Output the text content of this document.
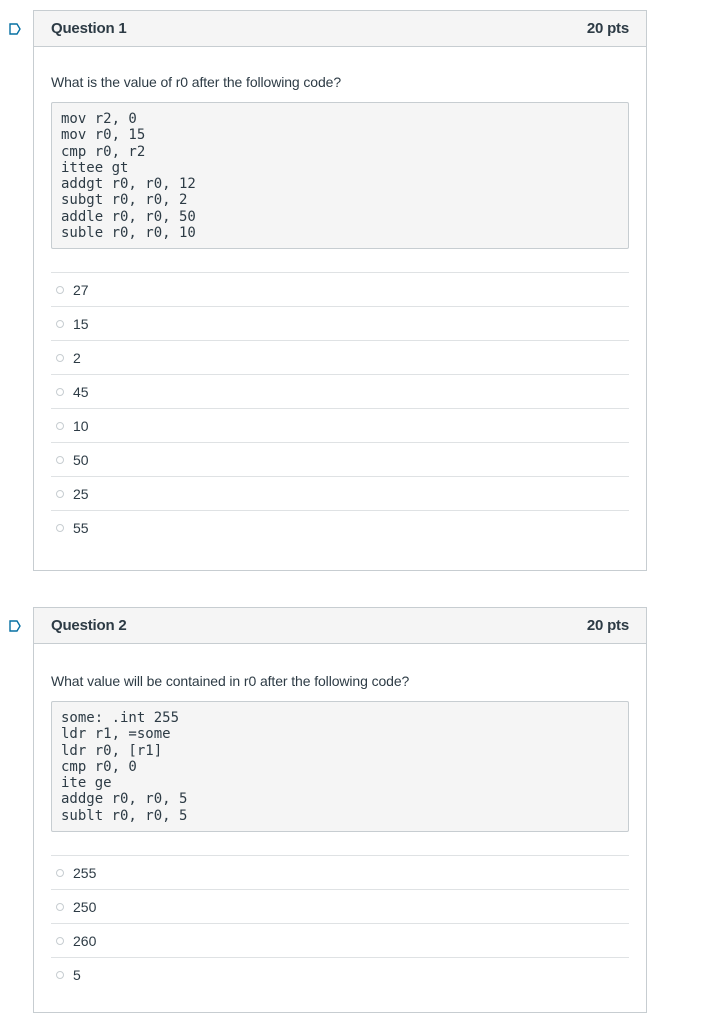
Question 1	20 pts

What is the value of r0 after the following code?

mov r2, 0
mov r0, 15
cmp r0, r2
ittee gt
addgt r0, r0, 12
subgt r0, r0, 2
addle r0, r0, 50
suble r0, r0, 10
27
15
2
45
10
50
25
55
Question 2	20 pts

What value will be contained in r0 after the following code?

some: .int 255
ldr r1, =some
ldr r0, [r1]
cmp r0, 0
ite ge
addge r0, r0, 5
sublt r0, r0, 5
255
250
260
5
